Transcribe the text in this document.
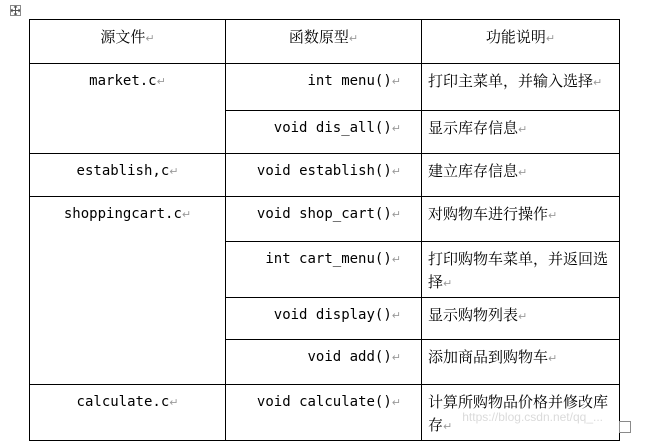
源文件↵	函数原型↵	功能说明↵
market.c↵	int menu()↵	打印主菜单，并输入选择↵
	void dis_all()↵	显示库存信息↵
establish,c↵	void establish()↵	建立库存信息↵
shoppingcart.c↵	void shop_cart()↵	对购物车进行操作↵
	int cart_menu()↵	打印购物车菜单，并返回选择↵
	void display()↵	显示购物列表↵
	void add()↵	添加商品到购物车↵
calculate.c↵	void calculate()↵	计算所购物品价格并修改库存↵
https://blog.csdn.net/qq_...
